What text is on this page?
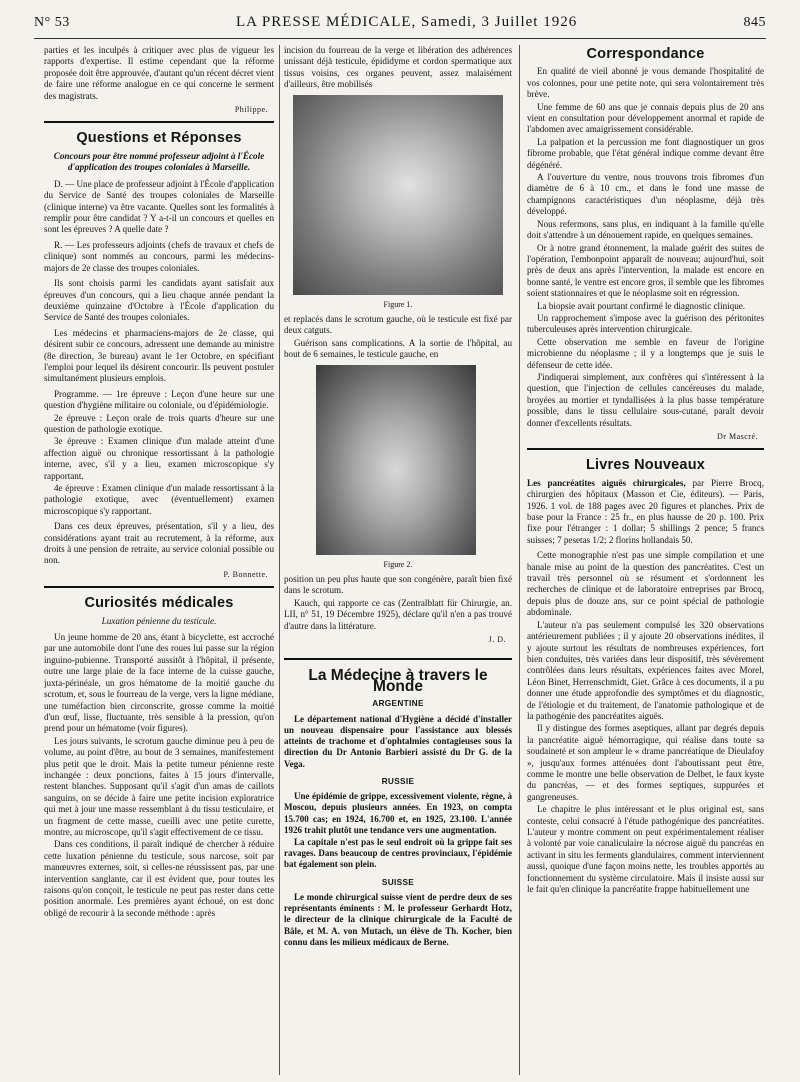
N° 53	LA PRESSE MÉDICALE, Samedi, 3 Juillet 1926	845

parties et les inculpés à critiquer avec plus de vigueur les rapports d'expertise. Il estime cependant que la réforme proposée doit être approuvée, d'autant qu'un récent décret vient de faire une réforme analogue en ce qui concerne le serment des magistrats.

Philippe.

Questions et Réponses

Concours pour être nommé professeur adjoint à l'École d'application des troupes coloniales à Marseille.

D. — Une place de professeur adjoint à l'École d'application du Service de Santé des troupes coloniales de Marseille (clinique interne) va être vacante. Quelles sont les formalités à remplir pour être candidat ? Y a-t-il un concours et quelles en sont les épreuves ? A quelle date ?

R. — Les professeurs adjoints (chefs de travaux et chefs de clinique) sont nommés au concours, parmi les médecins-majors de 2e classe des troupes coloniales.

Ils sont choisis parmi les candidats ayant satisfait aux épreuves d'un concours, qui a lieu chaque année pendant la deuxième quinzaine d'Octobre à l'École d'application du Service de Santé des troupes coloniales.

Les médecins et pharmaciens-majors de 2e classe, qui désirent subir ce concours, adressent une demande au ministre (8e direction, 3e bureau) avant le 1er Octobre, en spécifiant l'emploi pour lequel ils désirent concourir. Ils peuvent postuler simultanément plusieurs emplois.

Programme. — 1re épreuve : Leçon d'une heure sur une question d'hygiène militaire ou coloniale, ou d'épidémiologie.

2e épreuve : Leçon orale de trois quarts d'heure sur une question de pathologie exotique.

3e épreuve : Examen clinique d'un malade atteint d'une affection aiguë ou chronique ressortissant à la pathologie interne, avec, s'il y a lieu, examen microscopique s'y rapportant.

4e épreuve : Examen clinique d'un malade ressortissant à la pathologie exotique, avec (éventuellement) examen microscopique s'y rapportant.

Dans ces deux épreuves, présentation, s'il y a lieu, des considérations ayant trait au recrutement, à la réforme, aux droits à une pension de retraite, au service colonial possible ou non.

P. Bonnette.

Curiosités médicales

Luxation pénienne du testicule.

Un jeune homme de 20 ans, étant à bicyclette, est accroché par une automobile dont l'une des roues lui passe sur la région inguino-pubienne. Transporté aussitôt à l'hôpital, il présente, outre une large plaie de la face interne de la cuisse gauche, juxta-périnéale, un gros hématome de la moitié gauche du scrotum, et, sous le fourreau de la verge, vers la ligne médiane, une tuméfaction bien circonscrite, grosse comme la moitié d'un œuf, lisse, fluctuante, très sensible à la pression, qu'on prend pour un hématome (voir figures).

Les jours suivants, le scrotum gauche diminue peu à peu de volume, au point d'être, au bout de 3 semaines, manifestement plus petit que le droit. Mais la petite tumeur pénienne reste inchangée : deux ponctions, faites à 15 jours d'intervalle, restent blanches. Supposant qu'il s'agit d'un amas de caillots sanguins, on se décide à faire une petite incision exploratrice qui met à jour une masse ressemblant à du tissu testiculaire, et un fragment de cette masse, cueilli avec une petite curette, montre, au microscope, qu'il s'agit effectivement de ce tissu.

Dans ces conditions, il paraît indiqué de chercher à réduire cette luxation pénienne du testicule, sous narcose, soit par manœuvres externes, soit, si celles-ne réussissent pas, par une intervention sanglante, car il est évident que, pour toutes les raisons qu'on conçoit, le testicule ne peut pas rester dans cette position anormale. Les premières ayant échoué, on est donc obligé de recourir à la seconde méthode : après

incision du fourreau de la verge et libération des adhérences unissant déjà testicule, épididyme et cordon spermatique aux tissus voisins, ces organes peuvent, assez malaisément d'ailleurs, être mobilisés

Figure 1.

et replacés dans le scrotum gauche, où le testicule est fixé par deux catguts.

Guérison sans complications. A la sortie de l'hôpital, au bout de 6 semaines, le testicule gauche, en

Figure 2.

position un peu plus haute que son congénère, paraît bien fixé dans le scrotum.

Kauch, qui rapporte ce cas (Zentralblatt für Chirurgie, an. LII, n° 51, 19 Décembre 1925), déclare qu'il n'en a pas trouvé d'autre dans la littérature.

J. D.

La Médecine à travers le Monde

ARGENTINE

Le département national d'Hygiène a décidé d'installer un nouveau dispensaire pour l'assistance aux blessés atteints de trachome et d'ophtalmies contagieuses sous la direction du Dr Antonio Barbieri assisté du Dr G. de la Vega.

RUSSIE

Une épidémie de grippe, excessivement violente, règne, à Moscou, depuis plusieurs années. En 1923, on compta 15.700 cas; en 1924, 16.700 et, en 1925, 23.100. L'année 1926 trahit plutôt une tendance vers une augmentation.

La capitale n'est pas le seul endroit où la grippe fait ses ravages. Dans beaucoup de centres provinciaux, l'épidémie bat également son plein.

SUISSE

Le monde chirurgical suisse vient de perdre deux de ses représentants éminents : M. le professeur Gerhardt Hotz, le directeur de la clinique chirurgicale de la Faculté de Bâle, et M. A. von Mutach, un élève de Th. Kocher, bien connu dans les milieux médicaux de Berne.

Correspondance

En qualité de vieil abonné je vous demande l'hospitalité de vos colonnes, pour une petite note, qui sera volontairement très brève.

Une femme de 60 ans que je connais depuis plus de 20 ans vient en consultation pour développement anormal et rapide de l'abdomen avec amaigrissement considérable.

La palpation et la percussion me font diagnostiquer un gros fibrome probable, que l'état général indique comme devant être dégénéré.

A l'ouverture du ventre, nous trouvons trois fibromes d'un diamètre de 6 à 10 cm., et dans le fond une masse de champignons caractéristiques d'un néoplasme, déjà très développé.

Nous refermons, sans plus, en indiquant à la famille qu'elle doit s'attendre à un dénouement rapide, en quelques semaines.

Or à notre grand étonnement, la malade guérit des suites de l'opération, l'embonpoint apparaît de nouveau; aujourd'hui, soit près de deux ans après l'intervention, la malade est encore en bonne santé, le ventre est encore gros, il semble que les fibromes soient stationnaires et que le néoplasme soit en régression.

La biopsie avait pourtant confirmé le diagnostic clinique.

Un rapprochement s'impose avec la guérison des péritonites tuberculeuses après intervention chirurgicale.

Cette observation me semble en faveur de l'origine microbienne du néoplasme ; il y a longtemps que je suis le défenseur de cette idée.

J'indiquerai simplement, aux confrères qui s'intéressent à la question, que l'injection de cellules cancéreuses du malade, broyées au mortier et tyndallisées à la plus basse température possible, dans le tissu cellulaire sous-cutané, paraît devoir donner d'excellents résultats.

Dr Mascré.

Livres Nouveaux

Les pancréatites aiguës chirurgicales, par Pierre Brocq, chirurgien des hôpitaux (Masson et Cie, éditeurs). — Paris, 1926. 1 vol. de 188 pages avec 20 figures et planches. Prix de base pour la France : 25 fr., en plus hausse de 20 p. 100. Prix fixe pour l'étranger : 1 dollar; 5 shillings 2 pence; 5 francs suisses; 7 pesetas 1/2; 2 florins hollandais 50.

Cette monographie n'est pas une simple compilation et une banale mise au point de la question des pancréatites. C'est un travail très personnel où se résument et s'ordonnent les recherches de clinique et de laboratoire entreprises par Brocq, depuis plus de douze ans, sur ce point spécial de pathologie abdominale.

L'auteur n'a pas seulement compulsé les 320 observations antérieurement publiées ; il y ajoute 20 observations inédites, il y ajoute surtout les résultats de nombreuses expériences, fort bien conduites, très variées dans leur dispositif, très sévèrement contrôlées dans leurs résultats, expériences faites avec Morel, Léon Binet, Herrenschmidt, Giet. Grâce à ces documents, il a pu donner une étude approfondie des symptômes et du diagnostic, de l'étiologie et du traitement, de l'anatomie pathologique et de la pathogénie des pancréatites aiguës.

Il y distingue des formes aseptiques, allant par degrés depuis la pancréatite aiguë hémorragique, qui réalise dans toute sa soudaineté et son ampleur le « drame pancréatique de Dieulafoy », jusqu'aux formes atténuées dont l'aboutissant peut être, comme le montre une belle observation de Delbet, le faux kyste du pancréas, — et des formes septiques, suppurées et gangreneuses.

Le chapitre le plus intéressant et le plus original est, sans conteste, celui consacré à l'étude pathogénique des pancréatites. L'auteur y montre comment on peut expérimentalement réaliser à volonté par voie canaliculaire la nécrose aiguë du pancréas en activant in situ les ferments glandulaires, comment interviennent aussi, quoique d'une façon moins nette, les troubles apportés au fonctionnement du système circulatoire. Mais il insiste aussi sur le fait qu'en clinique la pancréatite frappe habituellement une
